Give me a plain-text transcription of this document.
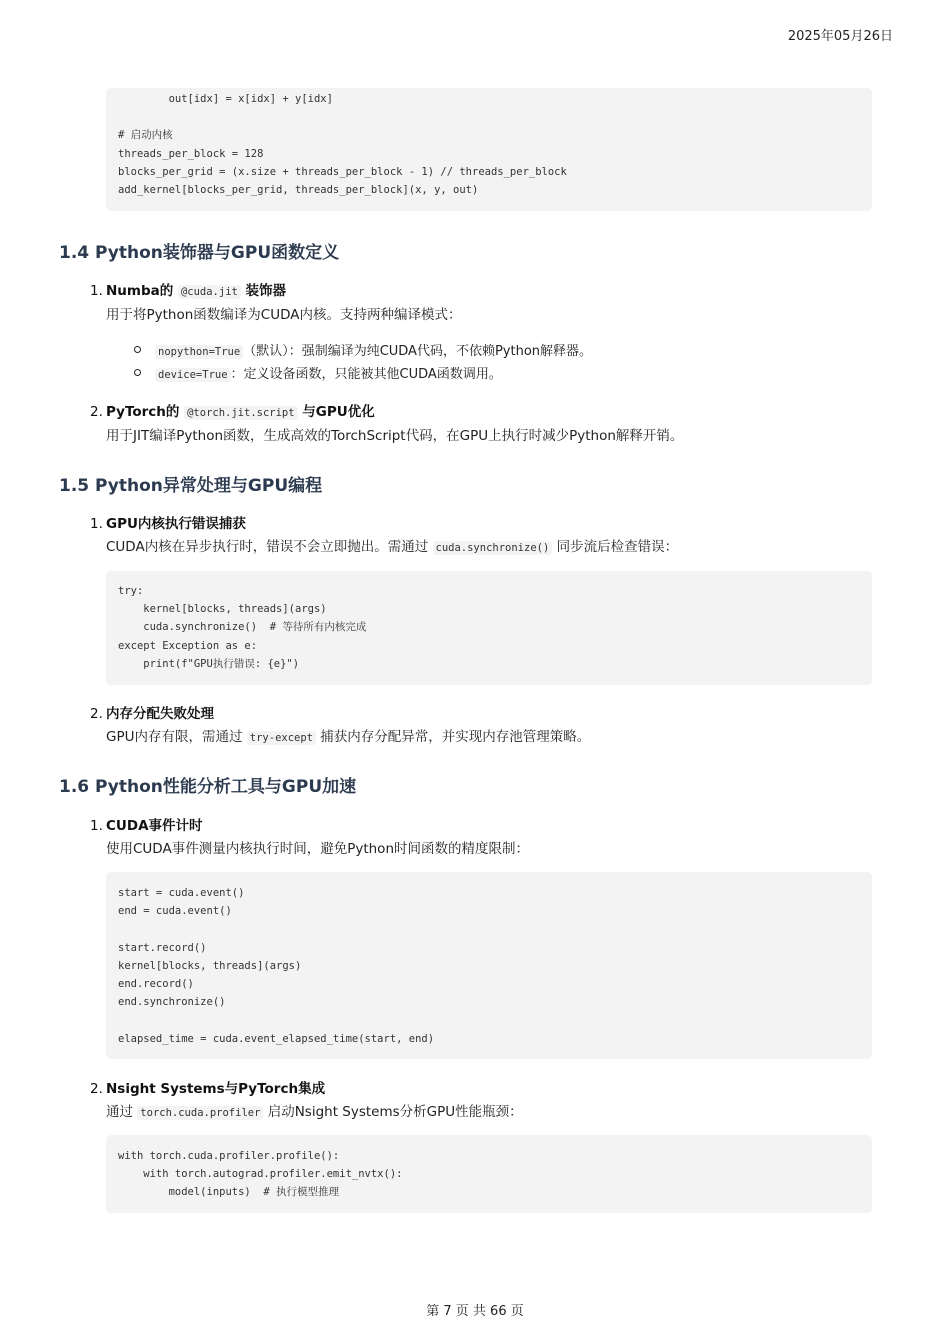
2025年05月26日
out[idx] = x[idx] + y[idx]
# 启动内核
threads_per_block = 128
blocks_per_grid = (x.size + threads_per_block - 1) // threads_per_block
add_kernel[blocks_per_grid, threads_per_block](x, y, out)
1.4 Python装饰器与GPU函数定义
1. Numba的 @cuda.jit 装饰器
用于将Python函数编译为CUDA内核。支持两种编译模式：
nopython=True （默认）：强制编译为纯CUDA代码，不依赖Python解释器。
device=True ：定义设备函数，只能被其他CUDA函数调用。
2. PyTorch的 @torch.jit.script 与GPU优化
用于JIT编译Python函数，生成高效的TorchScript代码，在GPU上执行时减少Python解释开销。
1.5 Python异常处理与GPU编程
1. GPU内核执行错误捕获
CUDA内核在异步执行时，错误不会立即抛出。需通过 cuda.synchronize() 同步流后检查错误：
try:
kernel[blocks, threads](args)
cuda.synchronize()  # 等待所有内核完成
except Exception as e:
print(f"GPU执行错误: {e}")
2. 内存分配失败处理
GPU内存有限，需通过 try-except 捕获内存分配异常，并实现内存池管理策略。
1.6 Python性能分析工具与GPU加速
1. CUDA事件计时
使用CUDA事件测量内核执行时间，避免Python时间函数的精度限制：
start = cuda.event()
end = cuda.event()
start.record()
kernel[blocks, threads](args)
end.record()
end.synchronize()
elapsed_time = cuda.event_elapsed_time(start, end)
2. Nsight Systems与PyTorch集成
通过 torch.cuda.profiler 启动Nsight Systems分析GPU性能瓶颈：
with torch.cuda.profiler.profile():
with torch.autograd.profiler.emit_nvtx():
model(inputs)  # 执行模型推理
第 7 页 共 66 页
